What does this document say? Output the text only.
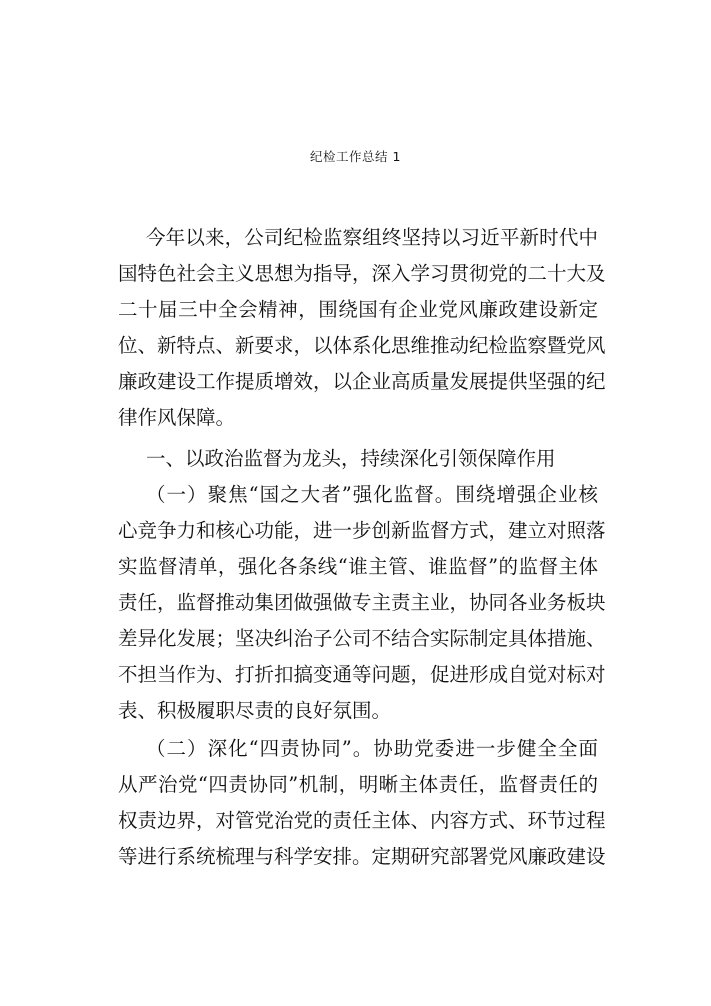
纪检工作总结 1
今年以来，公司纪检监察组终坚持以习近平新时代中
国特色社会主义思想为指导，深入学习贯彻党的二十大及
二十届三中全会精神，围绕国有企业党风廉政建设新定
位、新特点、新要求，以体系化思维推动纪检监察暨党风
廉政建设工作提质增效，以企业高质量发展提供坚强的纪
律作风保障。
一、以政治监督为龙头，持续深化引领保障作用
（一）聚焦“国之大者”强化监督。围绕增强企业核
心竞争力和核心功能，进一步创新监督方式，建立对照落
实监督清单，强化各条线“谁主管、谁监督”的监督主体
责任，监督推动集团做强做专主责主业，协同各业务板块
差异化发展；坚决纠治子公司不结合实际制定具体措施、
不担当作为、打折扣搞变通等问题，促进形成自觉对标对
表、积极履职尽责的良好氛围。
（二）深化“四责协同”。协助党委进一步健全全面
从严治党“四责协同”机制，明晰主体责任，监督责任的
权责边界，对管党治党的责任主体、内容方式、环节过程
等进行系统梳理与科学安排。定期研究部署党风廉政建设
